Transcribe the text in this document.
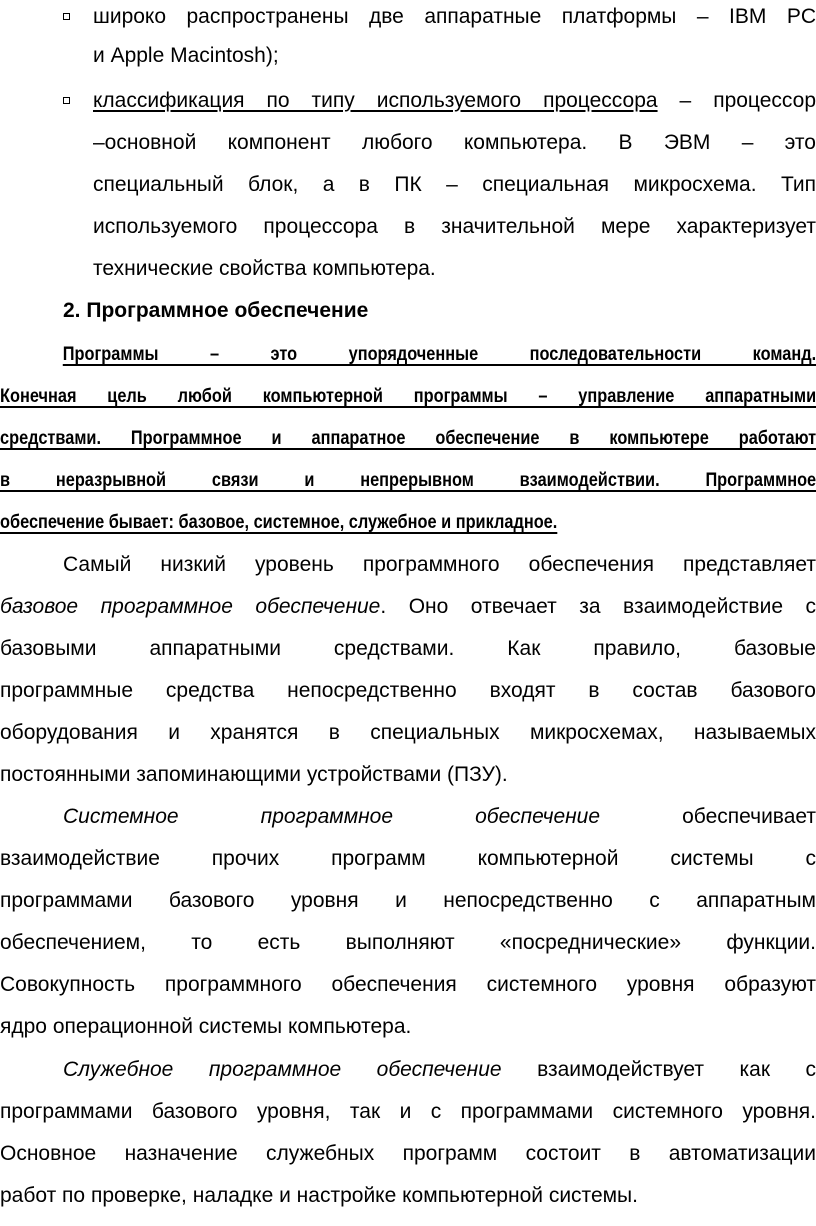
широко распространены две аппаратные платформы – IBM PC
и Apple Macintosh);
классификация по типу используемого процессора – процессор
–основной компонент любого компьютера. В ЭВМ – это
специальный блок, а в ПК – специальная микросхема. Тип
используемого процессора в значительной мере характеризует
технические свойства компьютера.
2. Программное обеспечение
Программы – это упорядоченные последовательности команд.
Конечная цель любой компьютерной программы – управление аппаратными
средствами. Программное и аппаратное обеспечение в компьютере работают
в неразрывной связи и непрерывном взаимодействии. Программное
обеспечение бывает: базовое, системное, служебное и прикладное.
Самый низкий уровень программного обеспечения представляет
базовое программное обеспечение. Оно отвечает за взаимодействие с
базовыми аппаратными средствами. Как правило, базовые
программные средства непосредственно входят в состав базового
оборудования и хранятся в специальных микросхемах, называемых
постоянными запоминающими устройствами (ПЗУ).
Системное программное обеспечение обеспечивает
взаимодействие прочих программ компьютерной системы с
программами базового уровня и непосредственно с аппаратным
обеспечением, то есть выполняют «посреднические» функции.
Совокупность программного обеспечения системного уровня образуют
ядро операционной системы компьютера.
Служебное программное обеспечение взаимодействует как с
программами базового уровня, так и с программами системного уровня.
Основное назначение служебных программ состоит в автоматизации
работ по проверке, наладке и настройке компьютерной системы.
